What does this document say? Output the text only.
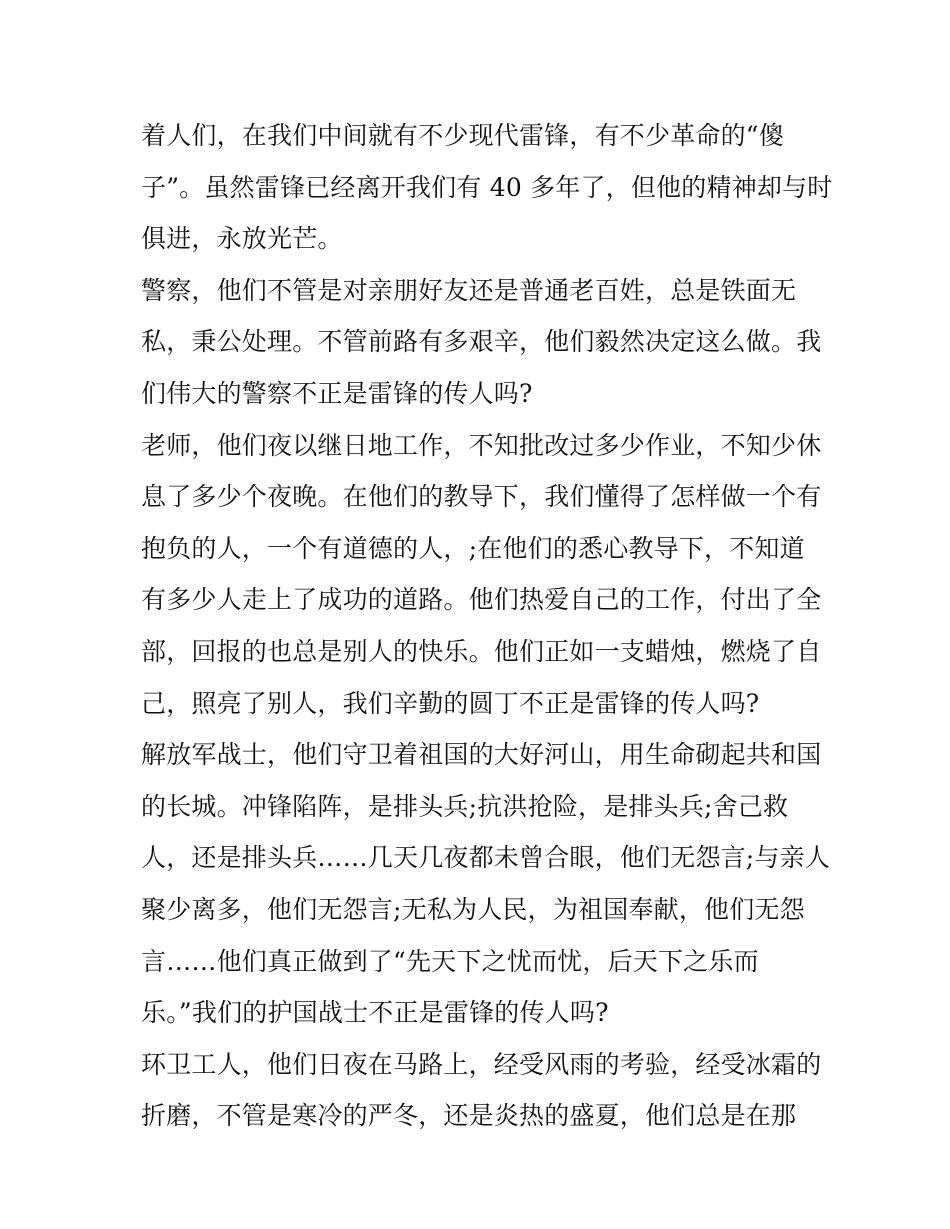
着人们，在我们中间就有不少现代雷锋，有不少革命的“傻
子”。虽然雷锋已经离开我们有 40 多年了，但他的精神却与时
俱进，永放光芒。
警察，他们不管是对亲朋好友还是普通老百姓，总是铁面无
私，秉公处理。不管前路有多艰辛，他们毅然决定这么做。我
们伟大的警察不正是雷锋的传人吗?
老师，他们夜以继日地工作，不知批改过多少作业，不知少休
息了多少个夜晚。在他们的教导下，我们懂得了怎样做一个有
抱负的人，一个有道德的人，;在他们的悉心教导下，不知道
有多少人走上了成功的道路。他们热爱自己的工作，付出了全
部，回报的也总是别人的快乐。他们正如一支蜡烛，燃烧了自
己，照亮了别人，我们辛勤的圆丁不正是雷锋的传人吗?
解放军战士，他们守卫着祖国的大好河山，用生命砌起共和国
的长城。冲锋陷阵，是排头兵;抗洪抢险，是排头兵;舍己救
人，还是排头兵……几天几夜都未曾合眼，他们无怨言;与亲人
聚少离多，他们无怨言;无私为人民，为祖国奉献，他们无怨
言……他们真正做到了“先天下之忧而忧，后天下之乐而
乐。”我们的护国战士不正是雷锋的传人吗?
环卫工人，他们日夜在马路上，经受风雨的考验，经受冰霜的
折磨，不管是寒冷的严冬，还是炎热的盛夏，他们总是在那
